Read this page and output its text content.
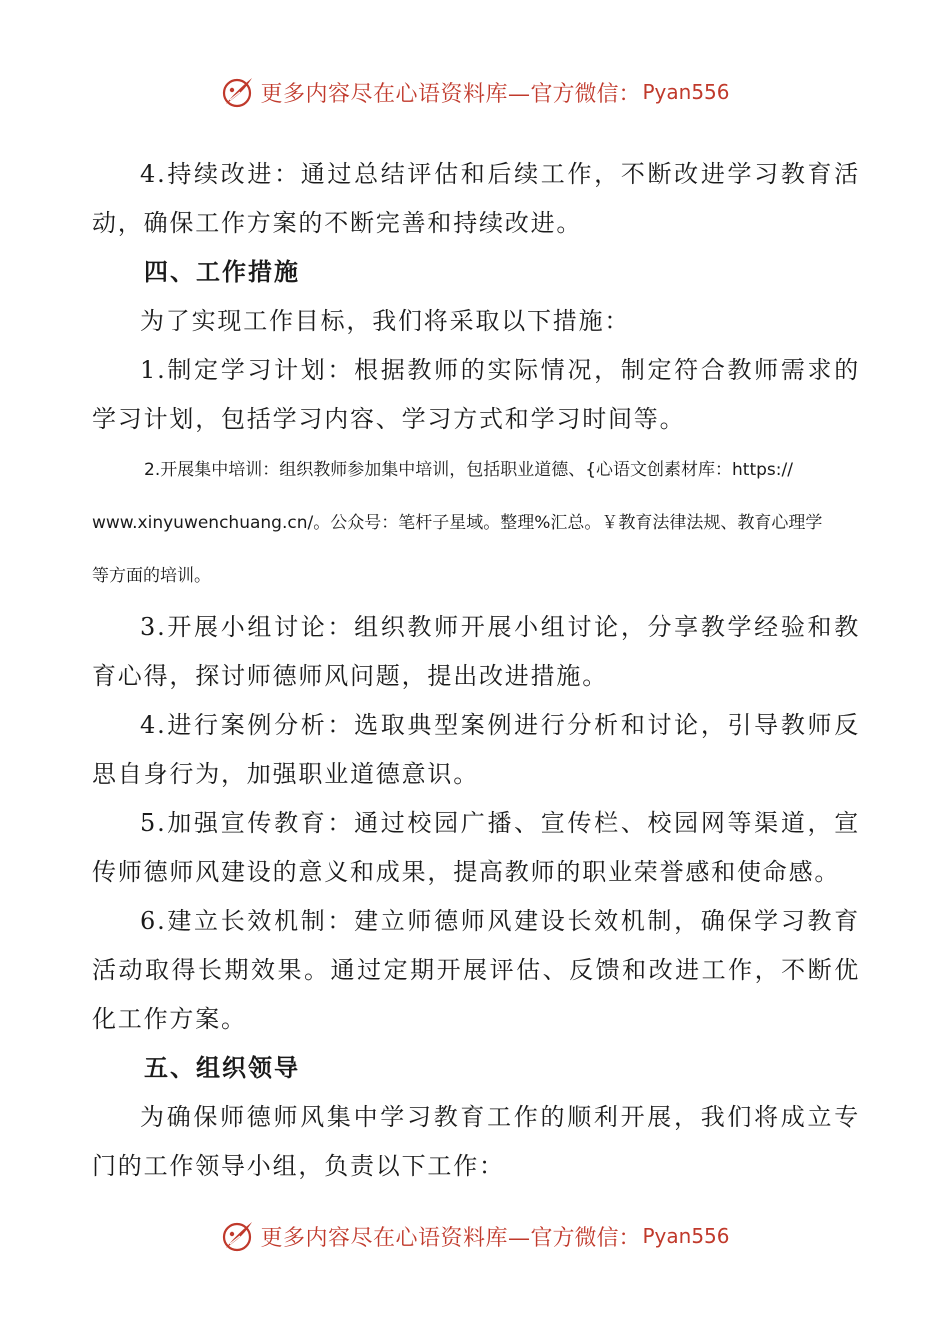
更多内容尽在心语资料库— 官方微信： Pyan556

4.持续改进：通过总结评估和后续工作，不断改进学习教育活动，确保工作方案的不断完善和持续改进。

四、工作措施

为了实现工作目标，我们将采取以下措施：

1.制定学习计划：根据教师的实际情况，制定符合教师需求的学习计划，包括学习内容、学习方式和学习时间等。

2.开展集中培训：组织教师参加集中培训，包括职业道德、{心语文创素材库：https://
www.xinyuwenchuang.cn/。公众号：笔杆子星域。整理%汇总。￥教育法律法规、教育心理学
等方面的培训。

3.开展小组讨论：组织教师开展小组讨论，分享教学经验和教育心得，探讨师德师风问题，提出改进措施。

4.进行案例分析：选取典型案例进行分析和讨论，引导教师反思自身行为，加强职业道德意识。

5.加强宣传教育：通过校园广播、宣传栏、校园网等渠道，宣传师德师风建设的意义和成果，提高教师的职业荣誉感和使命感。

6.建立长效机制：建立师德师风建设长效机制，确保学习教育活动取得长期效果。通过定期开展评估、反馈和改进工作，不断优化工作方案。

五、组织领导

为确保师德师风集中学习教育工作的顺利开展，我们将成立专门的工作领导小组，负责以下工作：

更多内容尽在心语资料库— 官方微信： Pyan556
